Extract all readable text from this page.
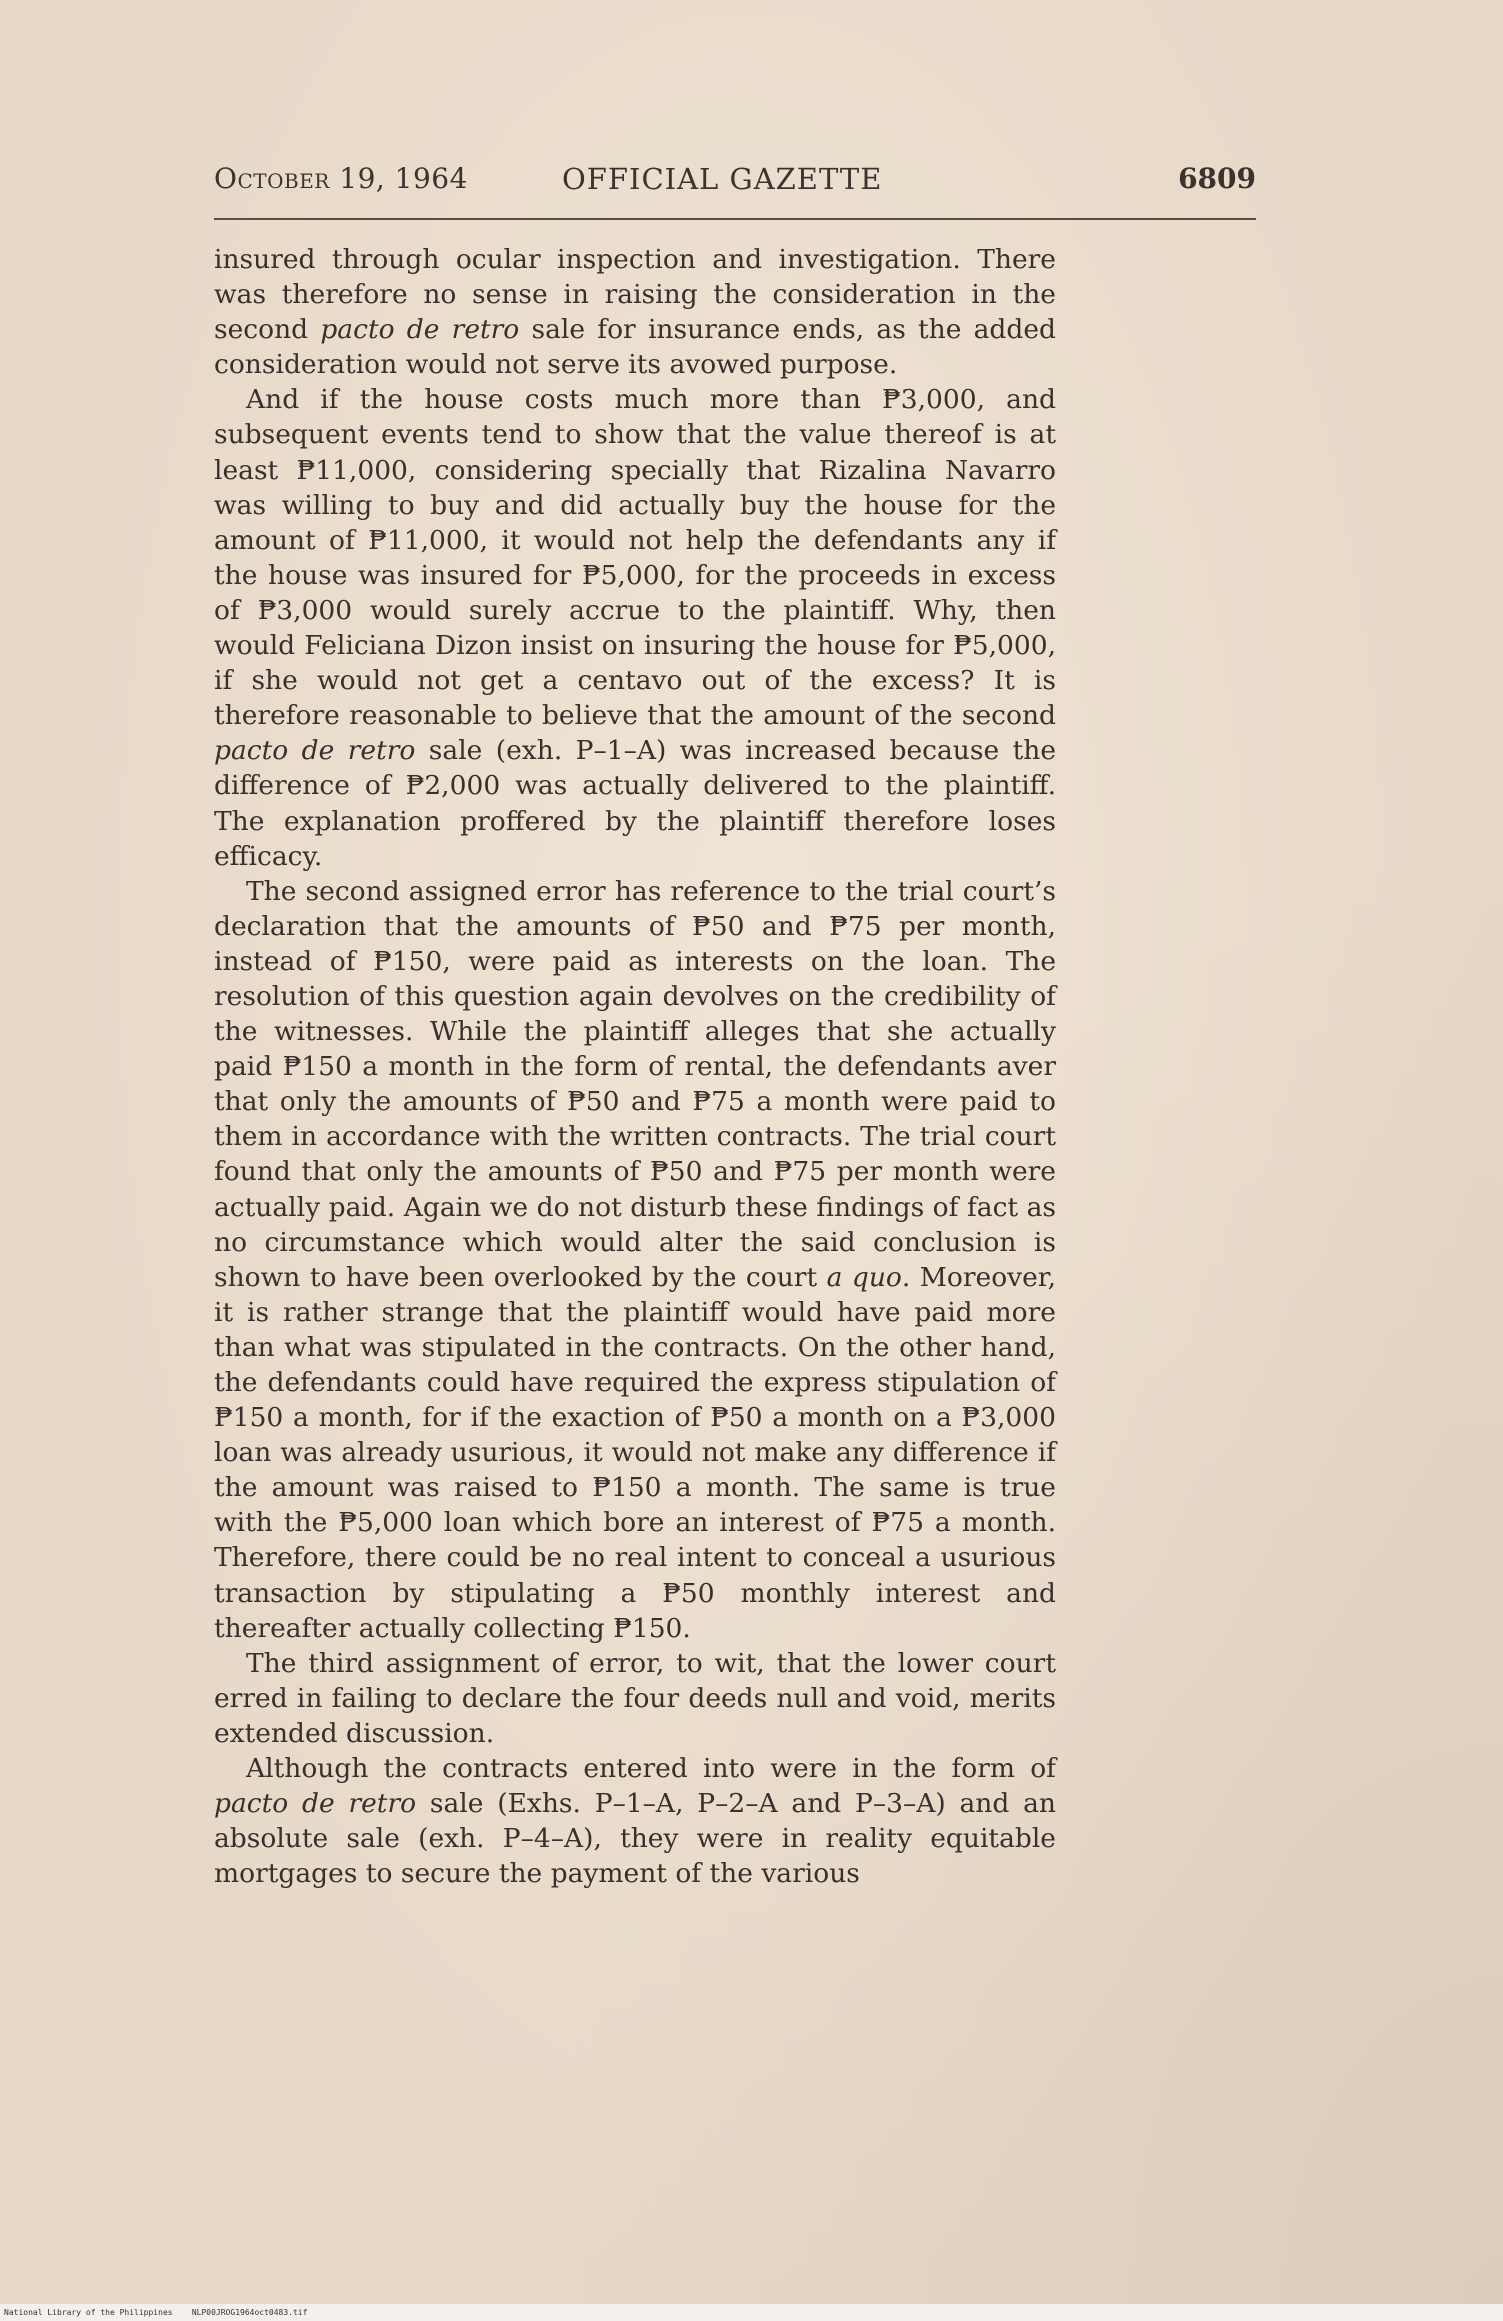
October 19, 1964	OFFICIAL GAZETTE	6809

insured through ocular inspection and investigation. There was therefore no sense in raising the consideration in the second pacto de retro sale for insurance ends, as the added consideration would not serve its avowed purpose.

And if the house costs much more than ₱3,000, and subsequent events tend to show that the value thereof is at least ₱11,000, considering specially that Rizalina Navarro was willing to buy and did actually buy the house for the amount of ₱11,000, it would not help the defendants any if the house was insured for ₱5,000, for the proceeds in excess of ₱3,000 would surely accrue to the plaintiff. Why, then would Feliciana Dizon insist on insuring the house for ₱5,000, if she would not get a centavo out of the excess? It is therefore reasonable to believe that the amount of the second pacto de retro sale (exh. P–1–A) was increased because the difference of ₱2,000 was actually delivered to the plaintiff. The explanation proffered by the plaintiff therefore loses efficacy.

The second assigned error has reference to the trial court’s declaration that the amounts of ₱50 and ₱75 per month, instead of ₱150, were paid as interests on the loan. The resolution of this question again devolves on the credibility of the witnesses. While the plaintiff alleges that she actually paid ₱150 a month in the form of rental, the defendants aver that only the amounts of ₱50 and ₱75 a month were paid to them in accordance with the written contracts. The trial court found that only the amounts of ₱50 and ₱75 per month were actually paid. Again we do not disturb these findings of fact as no circumstance which would alter the said conclusion is shown to have been overlooked by the court a quo. Moreover, it is rather strange that the plaintiff would have paid more than what was stipulated in the contracts. On the other hand, the defendants could have required the express stipulation of ₱150 a month, for if the exaction of ₱50 a month on a ₱3,000 loan was already usurious, it would not make any difference if the amount was raised to ₱150 a month. The same is true with the ₱5,000 loan which bore an interest of ₱75 a month. Therefore, there could be no real intent to conceal a usurious transaction by stipulating a ₱50 monthly interest and thereafter actually collecting ₱150.

The third assignment of error, to wit, that the lower court erred in failing to declare the four deeds null and void, merits extended discussion.

Although the contracts entered into were in the form of pacto de retro sale (Exhs. P–1–A, P–2–A and P–3–A) and an absolute sale (exh. P–4–A), they were in reality equitable mortgages to secure the payment of the various

National Library of the Philippines NLP00JROG1964oct0483.tif
